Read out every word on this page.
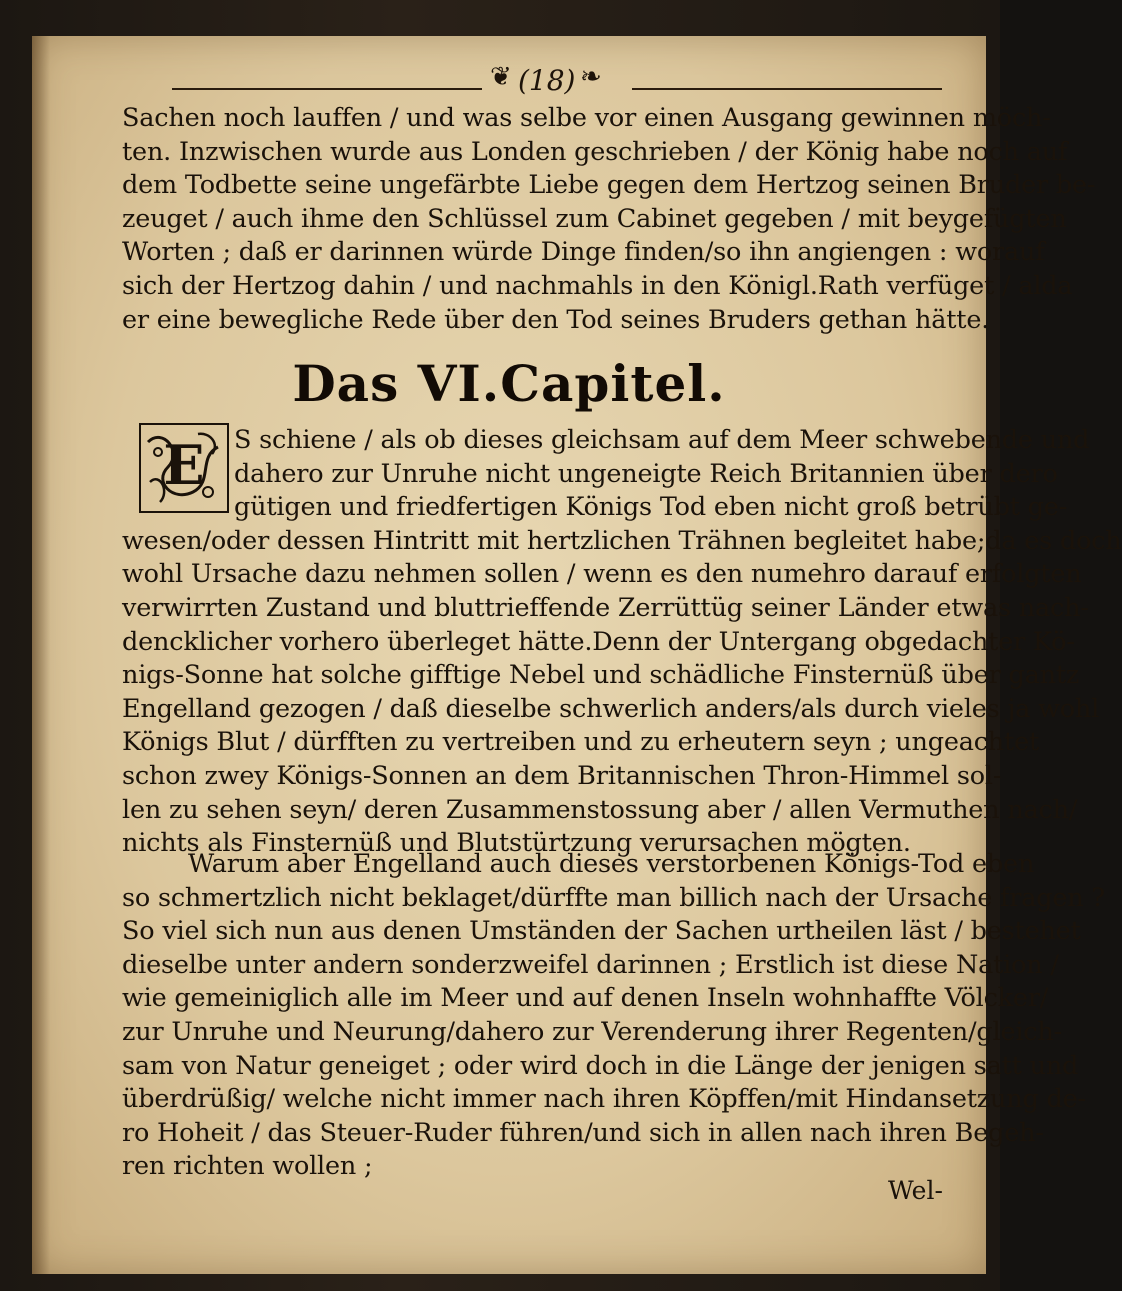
❦ (18) ❧
Sachen noch lauffen / und was selbe vor einen Ausgang gewinnen möch-
ten. Inzwischen wurde aus Londen geschrieben / der König habe noch auf
dem Todbette seine ungefärbte Liebe gegen dem Hertzog seinen Bruder be-
zeuget / auch ihme den Schlüssel zum Cabinet gegeben / mit beygefügten
Worten ; daß er darinnen würde Dinge finden/so ihn angiengen : worauf
sich der Hertzog dahin / und nachmahls in den Königl.Rath verfüget / alda
er eine bewegliche Rede über den Tod seines Bruders gethan hätte.
Das VI.Capitel.
E	S schiene / als ob dieses gleichsam auf dem Meer schwebende und
dahero zur Unruhe nicht ungeneigte Reich Britannien über dero
gütigen und friedfertigen Königs Tod eben nicht groß betrübt ge-
wesen/oder dessen Hintritt mit hertzlichen Trähnen begleitet habe;da es doch
wohl Ursache dazu nehmen sollen / wenn es den numehro darauf erfolgten
verwirrten Zustand und bluttrieffende Zerrüttüg seiner Länder etwas nach-
dencklicher vorhero überleget hätte.Denn der Untergang obgedachter Kö-
nigs-Sonne hat solche gifftige Nebel und schädliche Finsternüß über gantz
Engelland gezogen / daß dieselbe schwerlich anders/als durch vieles ja wohl
Königs Blut / dürfften zu vertreiben und zu erheutern seyn ; ungeachtet
schon zwey Königs-Sonnen an dem Britannischen Thron-Himmel sol-
len zu sehen seyn/ deren Zusammenstossung aber / allen Vermuthen nach/
nichts als Finsternüß und Blutstürtzung verursachen mögten.
Warum aber Engelland auch dieses verstorbenen Königs-Tod eben
so schmertzlich nicht beklaget/dürffte man billich nach der Ursache fragen ?
So viel sich nun aus denen Umständen der Sachen urtheilen läst / bestehet
dieselbe unter andern sonderzweifel darinnen ; Erstlich ist diese Nation /
wie gemeiniglich alle im Meer und auf denen Inseln wohnhaffte Völcker/
zur Unruhe und Neurung/dahero zur Verenderung ihrer Regenten/gleich-
sam von Natur geneiget ; oder wird doch in die Länge der jenigen satt und
überdrüßig/ welche nicht immer nach ihren Köpffen/mit Hindansetzung de-
ro Hoheit / das Steuer-Ruder führen/und sich in allen nach ihren Begeh-
ren richten wollen ;
Wel-
